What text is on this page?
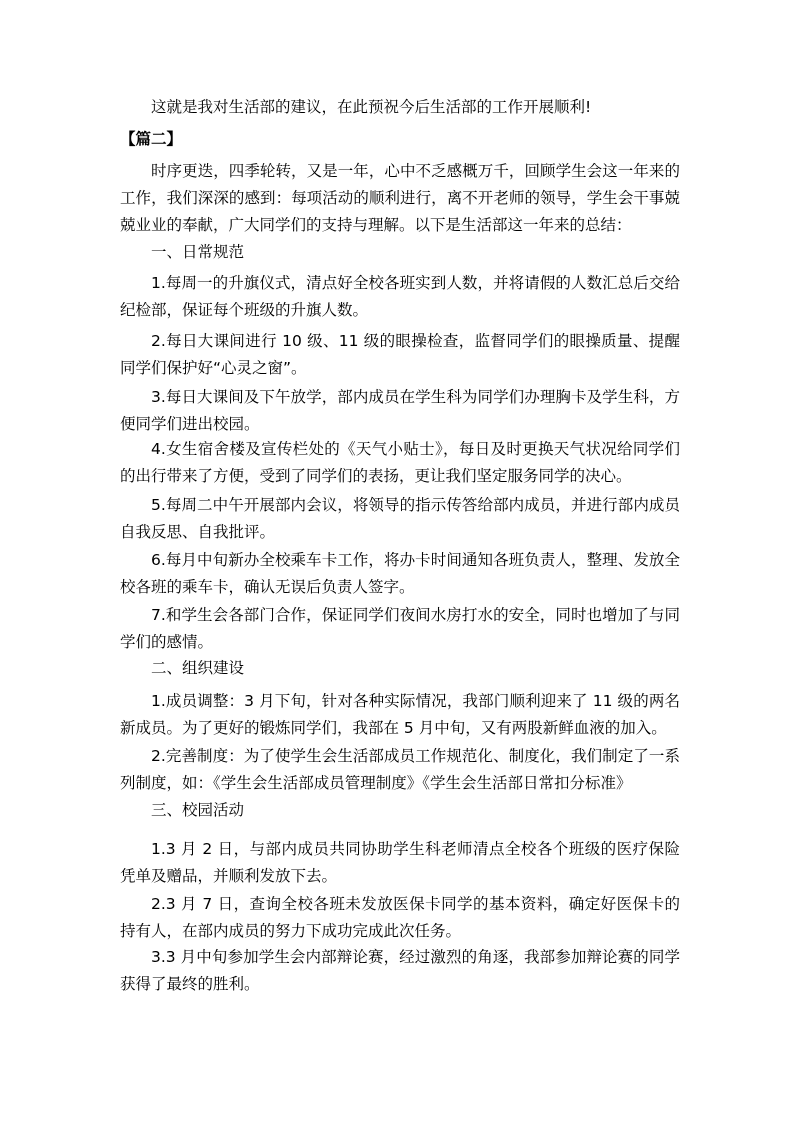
这就是我对生活部的建议，在此预祝今后生活部的工作开展顺利!

【篇二】

时序更迭，四季轮转，又是一年，心中不乏感概万千，回顾学生会这一年来的工作，我们深深的感到：每项活动的顺利进行，离不开老师的领导，学生会干事兢兢业业的奉献，广大同学们的支持与理解。以下是生活部这一年来的总结：

一、日常规范

1.每周一的升旗仪式，清点好全校各班实到人数，并将请假的人数汇总后交给纪检部，保证每个班级的升旗人数。

2.每日大课间进行 10 级、11 级的眼操检查，监督同学们的眼操质量、提醒同学们保护好“心灵之窗”。

3.每日大课间及下午放学，部内成员在学生科为同学们办理胸卡及学生科，方便同学们进出校园。

4.女生宿舍楼及宣传栏处的《天气小贴士》，每日及时更换天气状况给同学们的出行带来了方便，受到了同学们的表扬，更让我们坚定服务同学的决心。

5.每周二中午开展部内会议，将领导的指示传答给部内成员，并进行部内成员自我反思、自我批评。

6.每月中旬新办全校乘车卡工作，将办卡时间通知各班负责人，整理、发放全校各班的乘车卡，确认无误后负责人签字。

7.和学生会各部门合作，保证同学们夜间水房打水的安全，同时也增加了与同学们的感情。

二、组织建设

1.成员调整：3 月下旬，针对各种实际情况，我部门顺利迎来了 11 级的两名新成员。为了更好的锻炼同学们，我部在 5 月中旬，又有两股新鲜血液的加入。

2.完善制度：为了使学生会生活部成员工作规范化、制度化，我们制定了一系列制度，如：《学生会生活部成员管理制度》《学生会生活部日常扣分标准》

三、校园活动

1.3 月 2 日，与部内成员共同协助学生科老师清点全校各个班级的医疗保险凭单及赠品，并顺利发放下去。

2.3 月 7 日，查询全校各班未发放医保卡同学的基本资料，确定好医保卡的持有人，在部内成员的努力下成功完成此次任务。

3.3 月中旬参加学生会内部辩论赛，经过激烈的角逐，我部参加辩论赛的同学获得了最终的胜利。
